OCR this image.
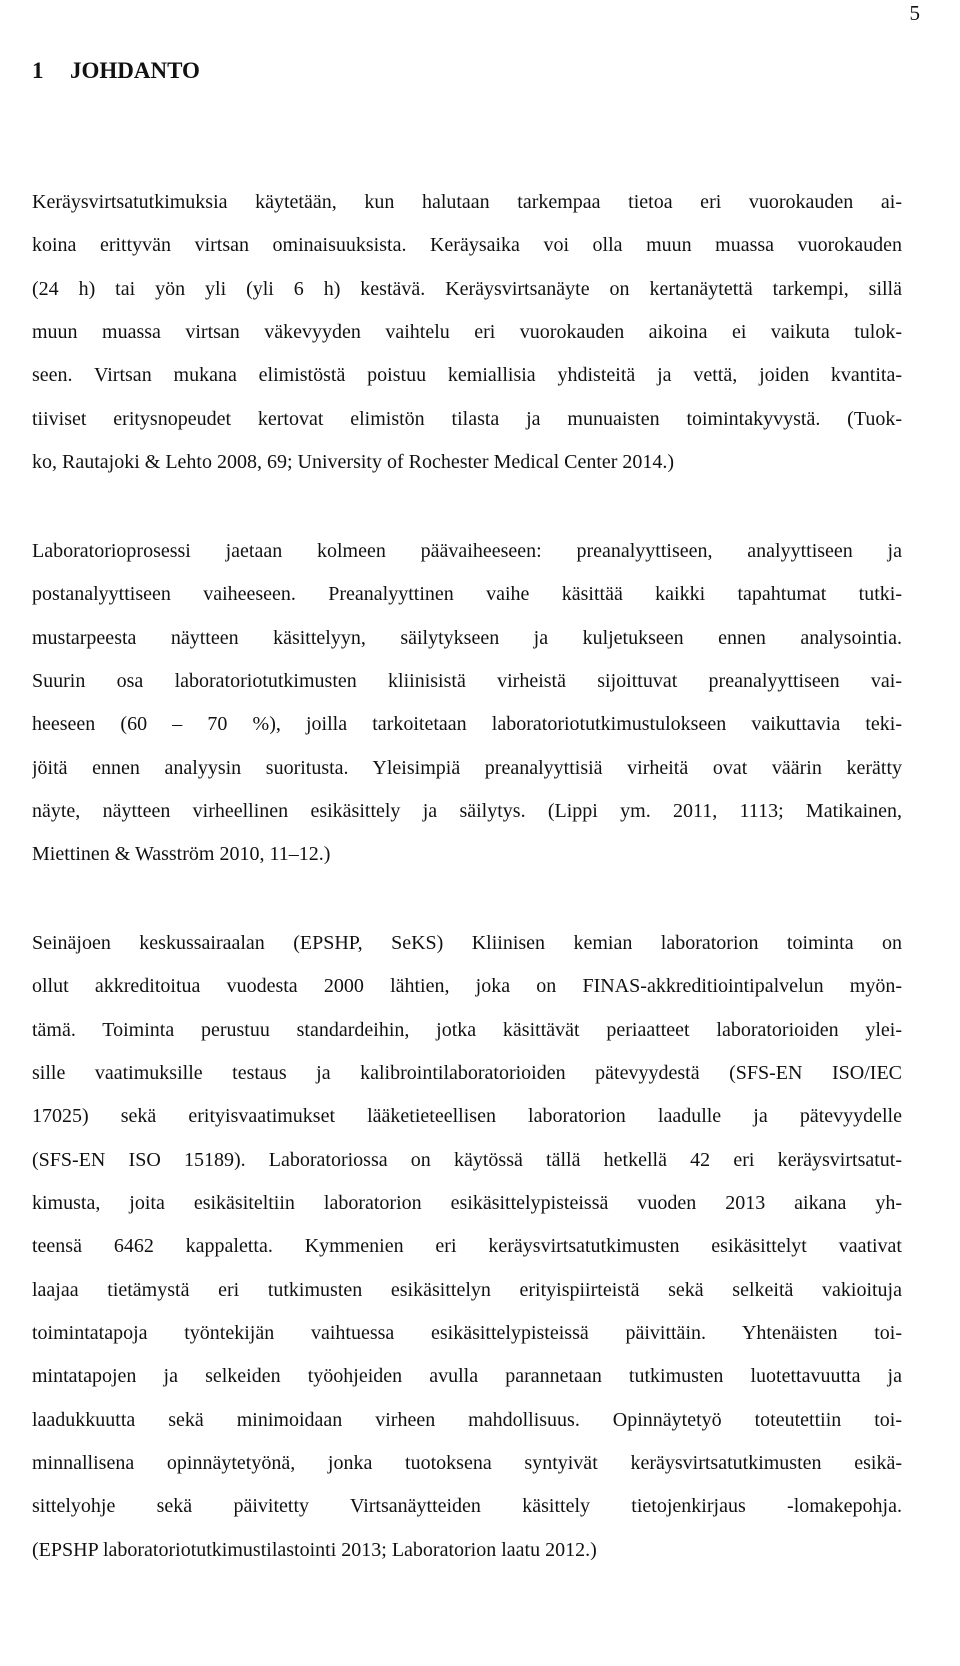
5
1 JOHDANTO
Keräysvirtsatutkimuksia käytetään, kun halutaan tarkempaa tietoa eri vuorokauden ai-
koina erittyvän virtsan ominaisuuksista. Keräysaika voi olla muun muassa vuorokauden
(24 h) tai yön yli (yli 6 h) kestävä. Keräysvirtsanäyte on kertanäytettä tarkempi, sillä
muun muassa virtsan väkevyyden vaihtelu eri vuorokauden aikoina ei vaikuta tulok-
seen. Virtsan mukana elimistöstä poistuu kemiallisia yhdisteitä ja vettä, joiden kvantita-
tiiviset eritysnopeudet kertovat elimistön tilasta ja munuaisten toimintakyvystä. (Tuok-
ko, Rautajoki & Lehto 2008, 69; University of Rochester Medical Center 2014.)
Laboratorioprosessi jaetaan kolmeen päävaiheeseen: preanalyyttiseen, analyyttiseen ja
postanalyyttiseen vaiheeseen. Preanalyyttinen vaihe käsittää kaikki tapahtumat tutki-
mustarpeesta näytteen käsittelyyn, säilytykseen ja kuljetukseen ennen analysointia.
Suurin osa laboratoriotutkimusten kliinisistä virheistä sijoittuvat preanalyyttiseen vai-
heeseen (60 – 70 %), joilla tarkoitetaan laboratoriotutkimustulokseen vaikuttavia teki-
jöitä ennen analyysin suoritusta. Yleisimpiä preanalyyttisiä virheitä ovat väärin kerätty
näyte, näytteen virheellinen esikäsittely ja säilytys. (Lippi ym. 2011, 1113; Matikainen,
Miettinen & Wasström 2010, 11–12.)
Seinäjoen keskussairaalan (EPSHP, SeKS) Kliinisen kemian laboratorion toiminta on
ollut akkreditoitua vuodesta 2000 lähtien, joka on FINAS-akkreditiointipalvelun myön-
tämä. Toiminta perustuu standardeihin, jotka käsittävät periaatteet laboratorioiden ylei-
sille vaatimuksille testaus ja kalibrointilaboratorioiden pätevyydestä (SFS-EN ISO/IEC
17025) sekä erityisvaatimukset lääketieteellisen laboratorion laadulle ja pätevyydelle
(SFS-EN ISO 15189). Laboratoriossa on käytössä tällä hetkellä 42 eri keräysvirtsatut-
kimusta, joita esikäsiteltiin laboratorion esikäsittelypisteissä vuoden 2013 aikana yh-
teensä 6462 kappaletta. Kymmenien eri keräysvirtsatutkimusten esikäsittelyt vaativat
laajaa tietämystä eri tutkimusten esikäsittelyn erityispiirteistä sekä selkeitä vakioituja
toimintatapoja työntekijän vaihtuessa esikäsittelypisteissä päivittäin. Yhtenäisten toi-
mintatapojen ja selkeiden työohjeiden avulla parannetaan tutkimusten luotettavuutta ja
laadukkuutta sekä minimoidaan virheen mahdollisuus. Opinnäytetyö toteutettiin toi-
minnallisena opinnäytetyönä, jonka tuotoksena syntyivät keräysvirtsatutkimusten esikä-
sittelyohje sekä päivitetty Virtsanäytteiden käsittely tietojenkirjaus -lomakepohja.
(EPSHP laboratoriotutkimustilastointi 2013; Laboratorion laatu 2012.)
